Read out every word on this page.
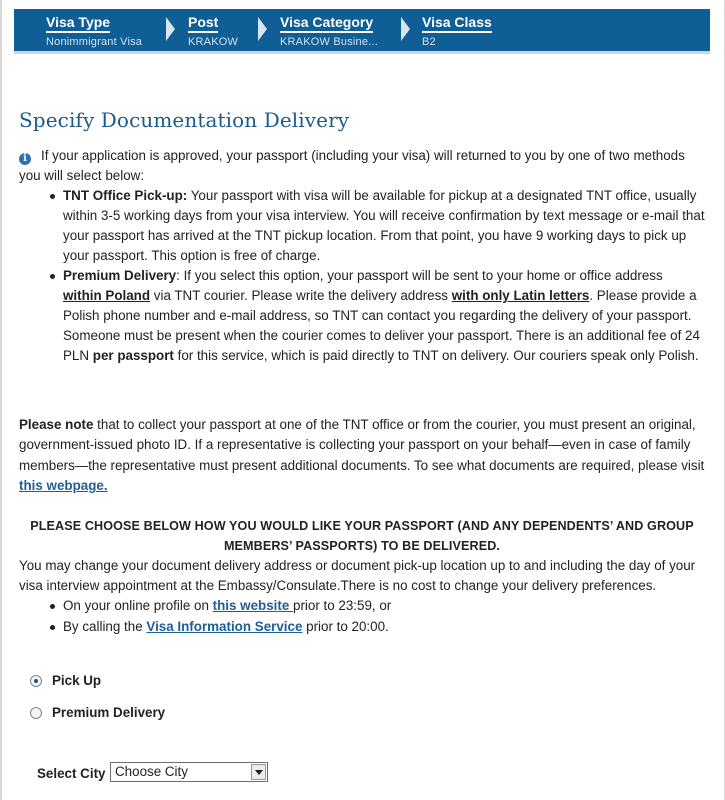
Visa Type
Nonimmigrant Visa
Post
KRAKOW
Visa Category
KRAKOW Busine...
Visa Class
B2
Specify Documentation Delivery

i If your application is approved, your passport (including your visa) will returned to you by one of two methods you will select below:

TNT Office Pick-up: Your passport with visa will be available for pickup at a designated TNT office, usually within 3-5 working days from your visa interview. You will receive confirmation by text message or e-mail that your passport has arrived at the TNT pickup location. From that point, you have 9 working days to pick up your passport. This option is free of charge.
Premium Delivery: If you select this option, your passport will be sent to your home or office address within Poland via TNT courier. Please write the delivery address with only Latin letters. Please provide a Polish phone number and e-mail address, so TNT can contact you regarding the delivery of your passport. Someone must be present when the courier comes to deliver your passport. There is an additional fee of 24 PLN per passport for this service, which is paid directly to TNT on delivery. Our couriers speak only Polish.

Please note that to collect your passport at one of the TNT office or from the courier, you must present an original, government-issued photo ID. If a representative is collecting your passport on your behalf—even in case of family members—the representative must present additional documents. To see what documents are required, please visit this webpage.

PLEASE CHOOSE BELOW HOW YOU WOULD LIKE YOUR PASSPORT (AND ANY DEPENDENTS’ AND GROUP MEMBERS’ PASSPORTS) TO BE DELIVERED.

You may change your document delivery address or document pick-up location up to and including the day of your visa interview appointment at the Embassy/Consulate.There is no cost to change your delivery preferences.

On your online profile on this website prior to 23:59, or
By calling the Visa Information Service prior to 20:00.
Pick Up
Premium Delivery
Select City Choose City
